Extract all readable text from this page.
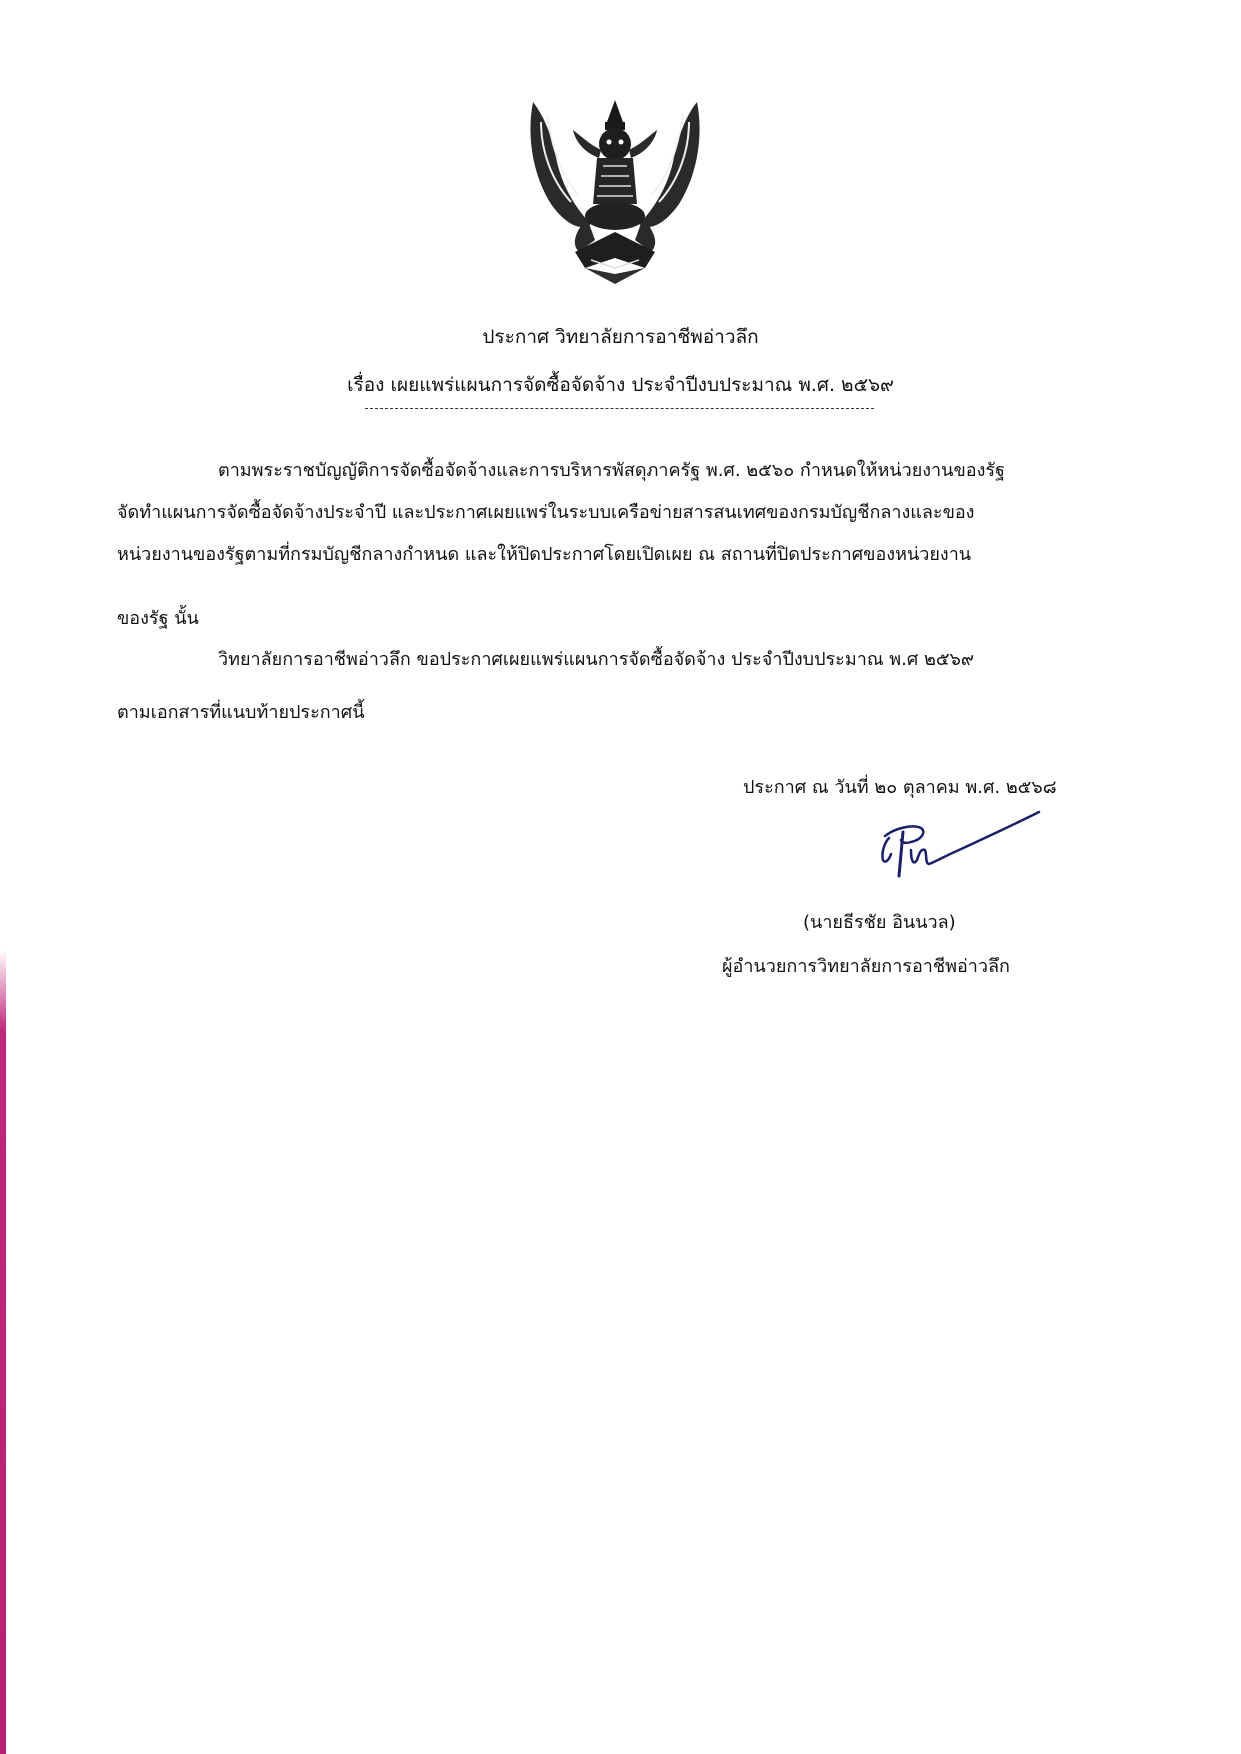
ประกาศ วิทยาลัยการอาชีพอ่าวลึก
เรื่อง เผยแพร่แผนการจัดซื้อจัดจ้าง ประจำปีงบประมาณ พ.ศ. ๒๕๖๙
ตามพระราชบัญญัติการจัดซื้อจัดจ้างและการบริหารพัสดุภาครัฐ พ.ศ. ๒๕๖๐ กำหนดให้หน่วยงานของรัฐ
จัดทำแผนการจัดซื้อจัดจ้างประจำปี และประกาศเผยแพร่ในระบบเครือข่ายสารสนเทศของกรมบัญชีกลางและของ
หน่วยงานของรัฐตามที่กรมบัญชีกลางกำหนด และให้ปิดประกาศโดยเปิดเผย ณ สถานที่ปิดประกาศของหน่วยงาน
ของรัฐ นั้น
วิทยาลัยการอาชีพอ่าวลึก ขอประกาศเผยแพร่แผนการจัดซื้อจัดจ้าง ประจำปีงบประมาณ พ.ศ ๒๕๖๙
ตามเอกสารที่แนบท้ายประกาศนี้
ประกาศ ณ วันที่ ๒๐ ตุลาคม พ.ศ. ๒๕๖๘
(นายธีรชัย อินนวล)
ผู้อำนวยการวิทยาลัยการอาชีพอ่าวลึก
